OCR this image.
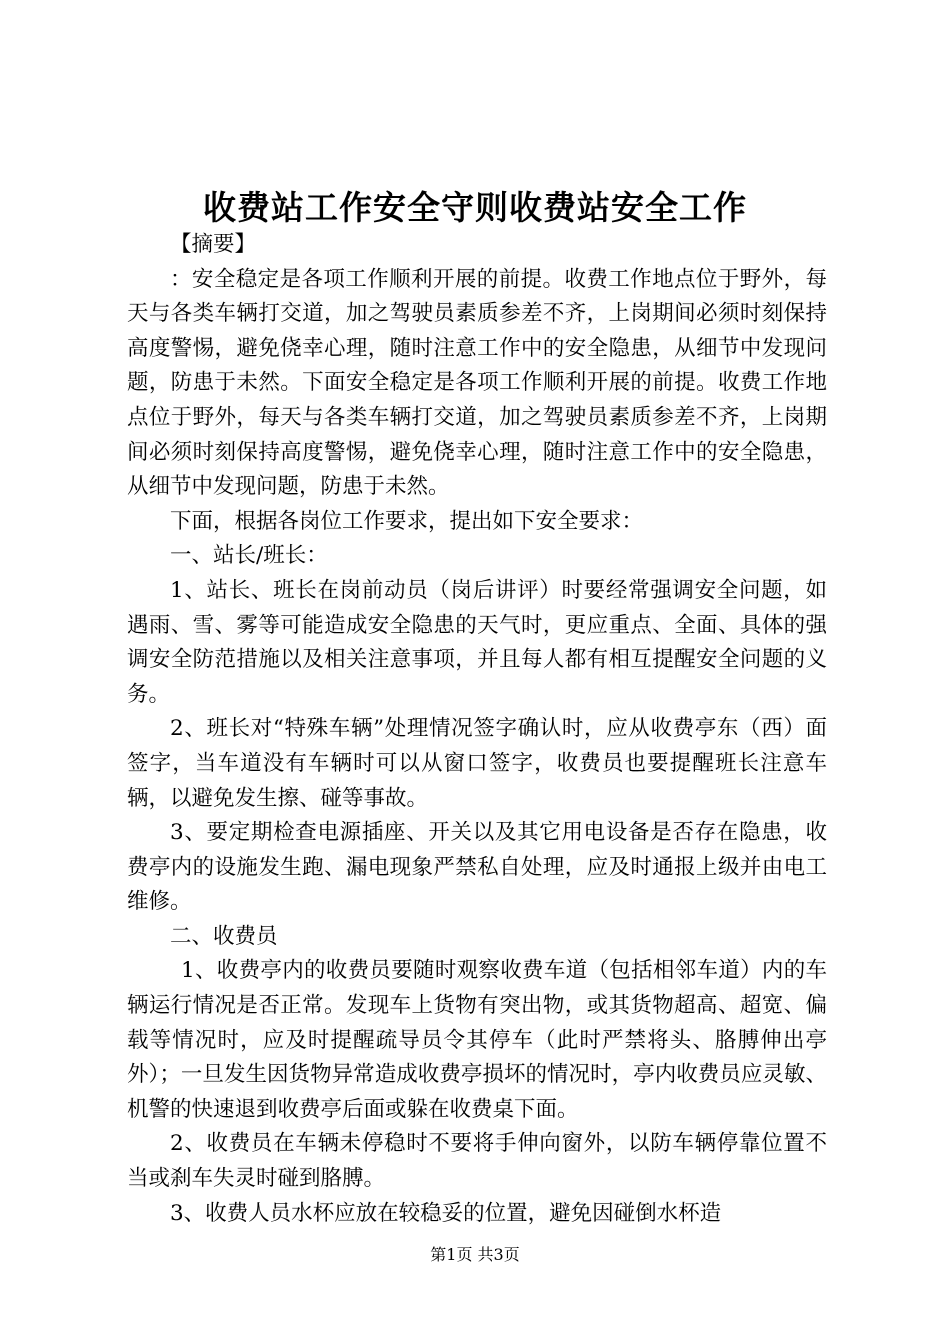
收费站工作安全守则收费站安全工作

【摘要】

：安全稳定是各项工作顺利开展的前提。收费工作地点位于野外，每天与各类车辆打交道，加之驾驶员素质参差不齐，上岗期间必须时刻保持高度警惕，避免侥幸心理，随时注意工作中的安全隐患，从细节中发现问题，防患于未然。下面安全稳定是各项工作顺利开展的前提。收费工作地点位于野外，每天与各类车辆打交道，加之驾驶员素质参差不齐，上岗期间必须时刻保持高度警惕，避免侥幸心理，随时注意工作中的安全隐患，从细节中发现问题，防患于未然。

下面，根据各岗位工作要求，提出如下安全要求：

一、站长/班长：

1、站长、班长在岗前动员（岗后讲评）时要经常强调安全问题，如遇雨、雪、雾等可能造成安全隐患的天气时，更应重点、全面、具体的强调安全防范措施以及相关注意事项，并且每人都有相互提醒安全问题的义务。

2、班长对“特殊车辆”处理情况签字确认时，应从收费亭东（西）面签字，当车道没有车辆时可以从窗口签字，收费员也要提醒班长注意车辆，以避免发生擦、碰等事故。

3、要定期检查电源插座、开关以及其它用电设备是否存在隐患，收费亭内的设施发生跑、漏电现象严禁私自处理，应及时通报上级并由电工维修。

二、收费员

1、收费亭内的收费员要随时观察收费车道（包括相邻车道）内的车辆运行情况是否正常。发现车上货物有突出物，或其货物超高、超宽、偏载等情况时，应及时提醒疏导员令其停车（此时严禁将头、胳膊伸出亭外）；一旦发生因货物异常造成收费亭损坏的情况时，亭内收费员应灵敏、机警的快速退到收费亭后面或躲在收费桌下面。

2、收费员在车辆未停稳时不要将手伸向窗外，以防车辆停靠位置不当或刹车失灵时碰到胳膊。

3、收费人员水杯应放在较稳妥的位置，避免因碰倒水杯造

第1页 共3页
